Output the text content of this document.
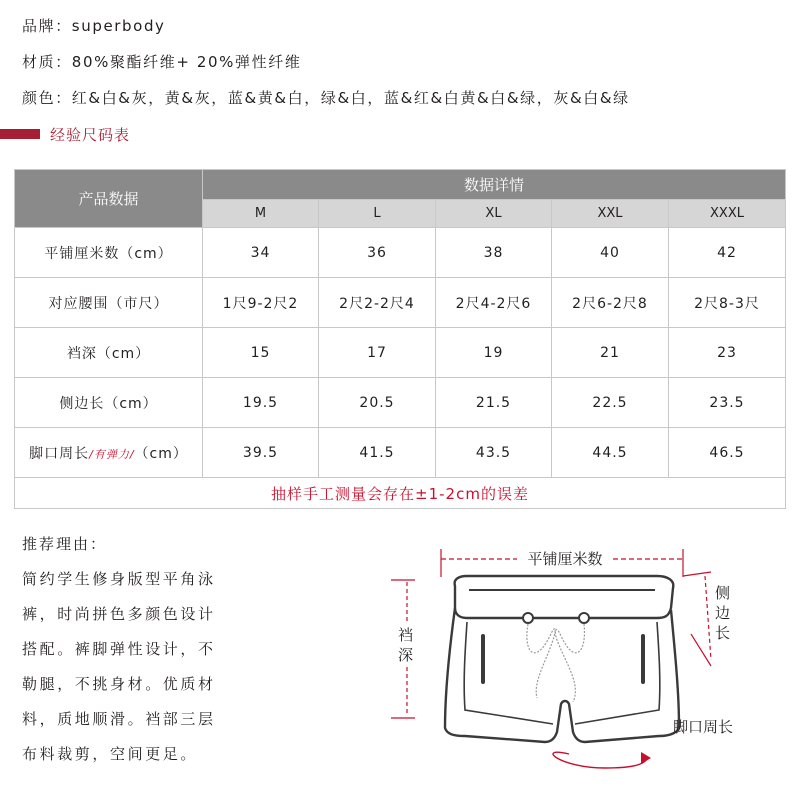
品牌：superbody
材质：80%聚酯纤维+ 20%弹性纤维
颜色：红&白&灰，黄&灰，蓝&黄&白，绿&白，蓝&红&白黄&白&绿，灰&白&绿
经验尺码表
产品数据	数据详情				
	M	L	XL	XXL	XXXL
平铺厘米数（cm）	34	36	38	40	42
对应腰围（市尺）	1尺9-2尺2	2尺2-2尺4	2尺4-2尺6	2尺6-2尺8	2尺8-3尺
裆深（cm）	15	17	19	21	23
侧边长（cm）	19.5	20.5	21.5	22.5	23.5
脚口周长/有弹力/（cm）	39.5	41.5	43.5	44.5	46.5
抽样手工测量会存在±1-2cm的误差					
推荐理由：
简约学生修身版型平角泳
裤，时尚拼色多颜色设计
搭配。裤脚弹性设计，不
勒腿，不挑身材。优质材
料，质地顺滑。裆部三层
布料裁剪，空间更足。
平铺厘米数
侧
边
长
裆
深
脚口周长
